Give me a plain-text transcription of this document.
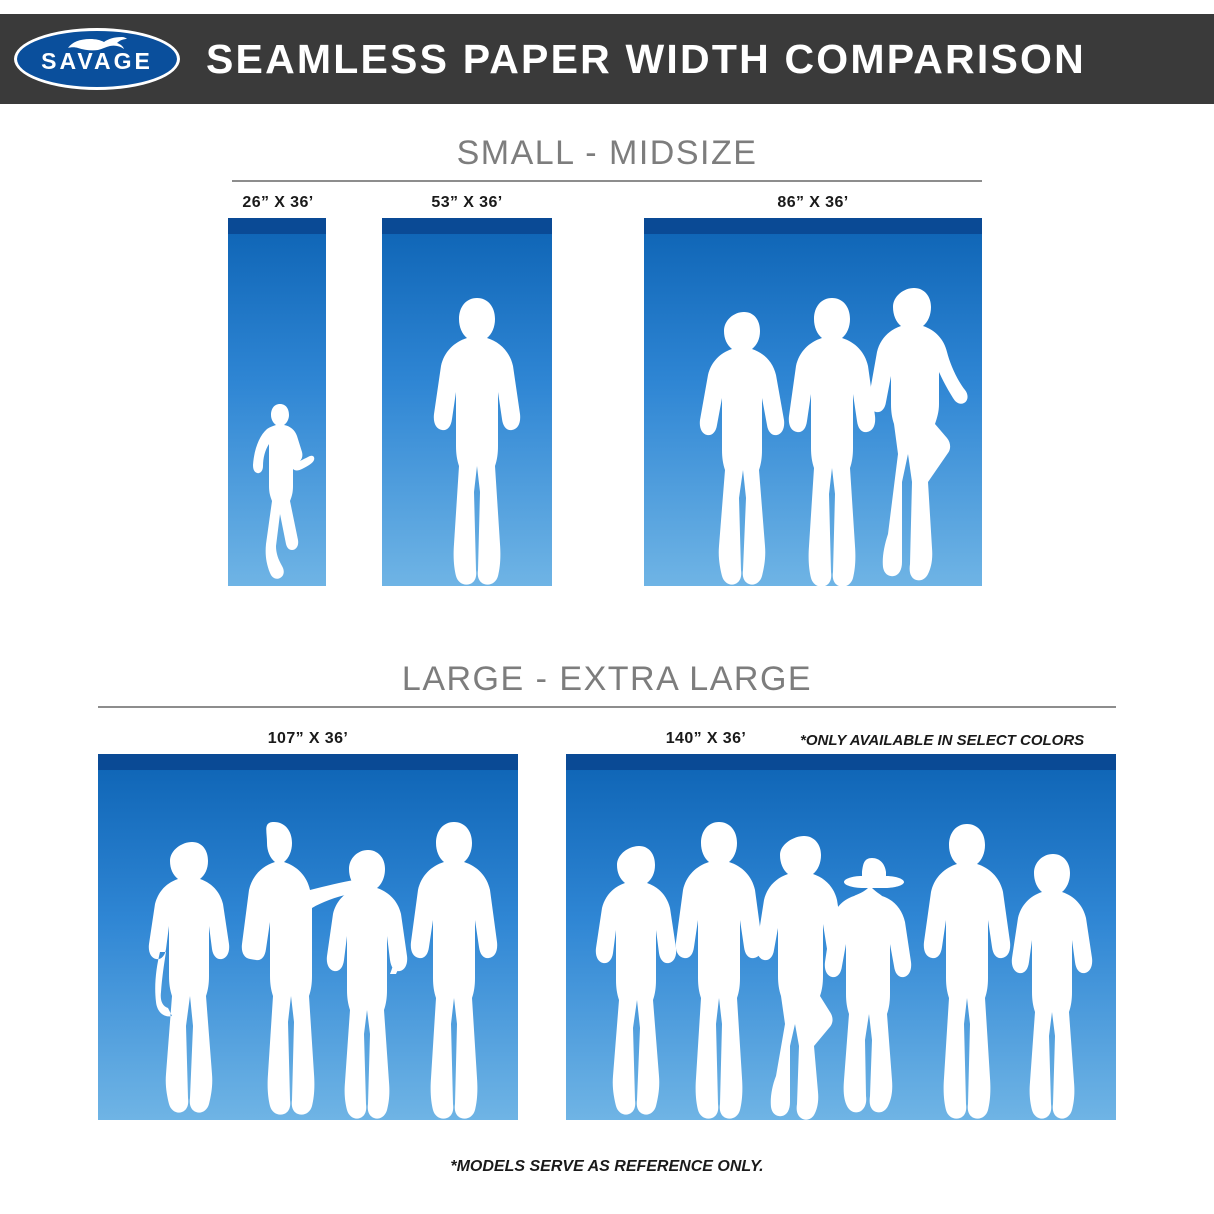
SAVAGE	SEAMLESS PAPER WIDTH COMPARISON
SMALL - MIDSIZE
26” X 36’	53” X 36’	86” X 36’
LARGE - EXTRA LARGE
107” X 36’	140” X 36’	*ONLY AVAILABLE IN SELECT COLORS
*MODELS SERVE AS REFERENCE ONLY.
